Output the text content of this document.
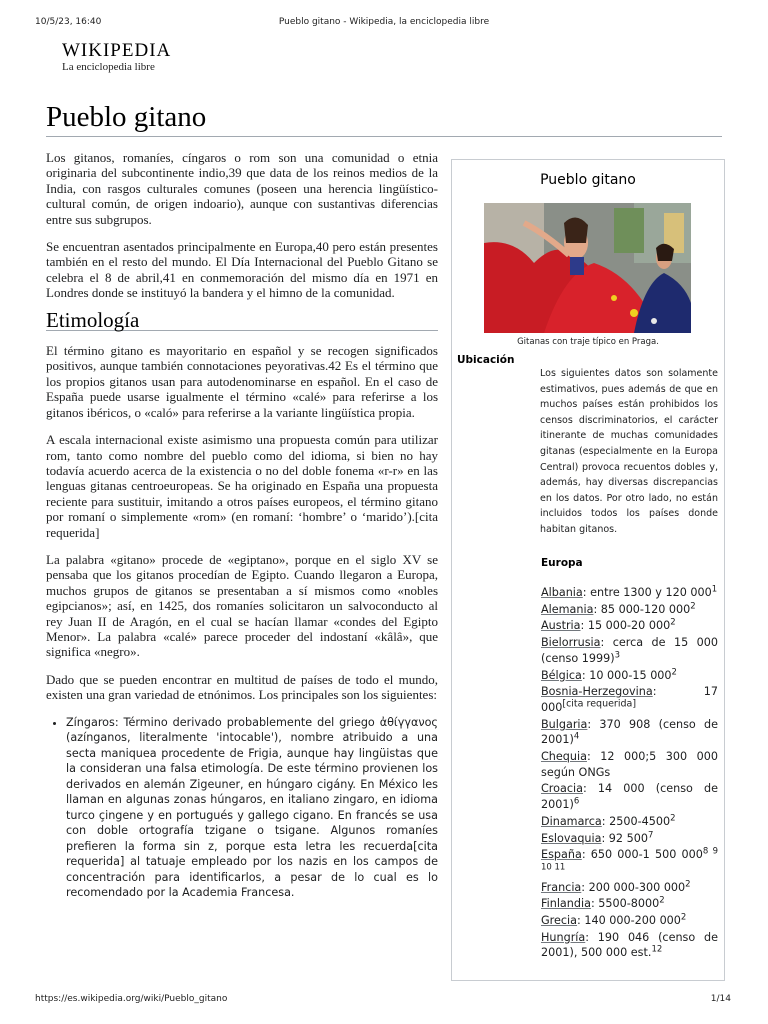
10/5/23, 16:40	Pueblo gitano - Wikipedia, la enciclopedia libre
WIKIPEDIA
La enciclopedia libre
Pueblo gitano

Los gitanos, romaníes, cíngaros o rom son una comunidad o etnia originaria del subcontinente indio,39 que data de los reinos medios de la India, con rasgos culturales comunes (poseen una herencia lingüístico-cultural común, de origen indoario), aunque con sustantivas diferencias entre sus subgrupos.

Se encuentran asentados principalmente en Europa,40 pero están presentes también en el resto del mundo. El Día Internacional del Pueblo Gitano se celebra el 8 de abril,41 en conmemoración del mismo día en 1971 en Londres donde se instituyó la bandera y el himno de la comunidad.

Etimología

El término gitano es mayoritario en español y se recogen significados positivos, aunque también connotaciones peyorativas.42 Es el término que los propios gitanos usan para autodenominarse en español. En el caso de España puede usarse igualmente el término «calé» para referirse a los gitanos ibéricos, o «caló» para referirse a la variante lingüística propia.

A escala internacional existe asimismo una propuesta común para utilizar rom, tanto como nombre del pueblo como del idioma, si bien no hay todavía acuerdo acerca de la existencia o no del doble fonema «r-r» en las lenguas gitanas centroeuropeas. Se ha originado en España una propuesta reciente para sustituir, imitando a otros países europeos, el término gitano por romaní o simplemente «rom» (en romaní: ‘hombre’ o ‘marido’).[cita requerida]

La palabra «gitano» procede de «egiptano», porque en el siglo XV se pensaba que los gitanos procedían de Egipto. Cuando llegaron a Europa, muchos grupos de gitanos se presentaban a sí mismos como «nobles egipcianos»; así, en 1425, dos romaníes solicitaron un salvoconducto al rey Juan II de Aragón, en el cual se hacían llamar «condes del Egipto Menor». La palabra «calé» parece proceder del indostaní «kâlâ», que significa «negro».

Dado que se pueden encontrar en multitud de países de todo el mundo, existen una gran variedad de etnónimos. Los principales son los siguientes:

• Zíngaros: Término derivado probablemente del griego ἀθίγγανος (azínganos, literalmente 'intocable'), nombre atribuido a una secta maniquea procedente de Frigia, aunque hay lingüistas que la consideran una falsa etimología. De este término provienen los derivados en alemán Zigeuner, en húngaro cigány. En México les llaman en algunas zonas húngaros, en italiano zingaro, en idioma turco çingene y en portugués y gallego cigano. En francés se usa con doble ortografía tzigane o tsigane. Algunos romaníes prefieren la forma sin z, porque esta letra les recuerda[cita requerida] al tatuaje empleado por los nazis en los campos de concentración para identificarlos, a pesar de lo cual es lo recomendado por la Academia Francesa.
Pueblo gitano
Gitanas con traje típico en Praga.
Ubicación
Los siguientes datos son solamente estimativos, pues además de que en muchos países están prohibidos los censos discriminatorios, el carácter itinerante de muchas comunidades gitanas (especialmente en la Europa Central) provoca recuentos dobles y, además, hay diversas discrepancias en los datos. Por otro lado, no están incluidos todos los países donde habitan gitanos.
Europa
Albania: entre 1300 y 120 $000^1$
Alemania: 85 000-120 $000^2$
Austria: 15 000-20 $000^2$
Bielorrusia: cerca de 15 000 (censo 1999)$^3$
Bélgica: 10 000-15 $000^2$
Bosnia-Herzegovina: 17 000[cita requerida]
Bulgaria: 370 908 (censo de 2001)$^4$
Chequia: 12 000;5 300 000 según ONGs
Croacia: 14 000 (censo de 2001)$^6$
Dinamarca: 2500-4500$^2$
Eslovaquia: 92 $500^7$
España: 650 000-1 500 $000^{8 9 10 11}$
Francia: 200 000-300 $000^2$
Finlandia: 5500-8000$^2$
Grecia: 140 000-200 $000^2$
Hungría: 190 046 (censo de 2001), 500 000 est.$^{12}$
https://es.wikipedia.org/wiki/Pueblo_gitano	1/14
